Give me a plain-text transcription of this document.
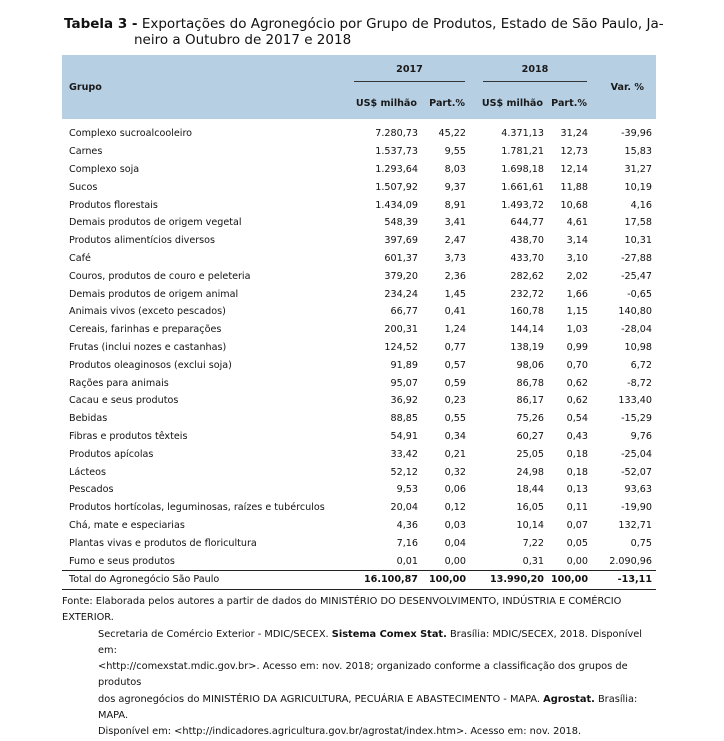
Tabela 3 - Exportações do Agronegócio por Grupo de Produtos, Estado de São Paulo, Ja-
neiro a Outubro de 2017 e 2018
Grupo	2017		2018		Var. %
	US$ milhão	Part.%	US$ milhão	Part.%	
Complexo sucroalcooleiro	7.280,73	45,22	4.371,13	31,24	-39,96
Carnes	1.537,73	9,55	1.781,21	12,73	15,83
Complexo soja	1.293,64	8,03	1.698,18	12,14	31,27
Sucos	1.507,92	9,37	1.661,61	11,88	10,19
Produtos florestais	1.434,09	8,91	1.493,72	10,68	4,16
Demais produtos de origem vegetal	548,39	3,41	644,77	4,61	17,58
Produtos alimentícios diversos	397,69	2,47	438,70	3,14	10,31
Café	601,37	3,73	433,70	3,10	-27,88
Couros, produtos de couro e peleteria	379,20	2,36	282,62	2,02	-25,47
Demais produtos de origem animal	234,24	1,45	232,72	1,66	-0,65
Animais vivos (exceto pescados)	66,77	0,41	160,78	1,15	140,80
Cereais, farinhas e preparações	200,31	1,24	144,14	1,03	-28,04
Frutas (inclui nozes e castanhas)	124,52	0,77	138,19	0,99	10,98
Produtos oleaginosos (exclui soja)	91,89	0,57	98,06	0,70	6,72
Rações para animais	95,07	0,59	86,78	0,62	-8,72
Cacau e seus produtos	36,92	0,23	86,17	0,62	133,40
Bebidas	88,85	0,55	75,26	0,54	-15,29
Fibras e produtos têxteis	54,91	0,34	60,27	0,43	9,76
Produtos apícolas	33,42	0,21	25,05	0,18	-25,04
Lácteos	52,12	0,32	24,98	0,18	-52,07
Pescados	9,53	0,06	18,44	0,13	93,63
Produtos hortícolas, leguminosas, raízes e tubérculos	20,04	0,12	16,05	0,11	-19,90
Chá, mate e especiarias	4,36	0,03	10,14	0,07	132,71
Plantas vivas e produtos de floricultura	7,16	0,04	7,22	0,05	0,75
Fumo e seus produtos	0,01	0,00	0,31	0,00	2.090,96
Total do Agronegócio São Paulo	16.100,87	100,00	13.990,20	100,00	-13,11
Fonte: Elaborada pelos autores a partir de dados do MINISTÉRIO DO DESENVOLVIMENTO, INDÚSTRIA E COMÉRCIO EXTERIOR.
Secretaria de Comércio Exterior - MDIC/SECEX. Sistema Comex Stat. Brasília: MDIC/SECEX, 2018. Disponível em:
<http://comexstat.mdic.gov.br>. Acesso em: nov. 2018; organizado conforme a classificação dos grupos de produtos
dos agronegócios do MINISTÉRIO DA AGRICULTURA, PECUÁRIA E ABASTECIMENTO - MAPA. Agrostat. Brasília: MAPA.
Disponível em: <http://indicadores.agricultura.gov.br/agrostat/index.htm>. Acesso em: nov. 2018.
